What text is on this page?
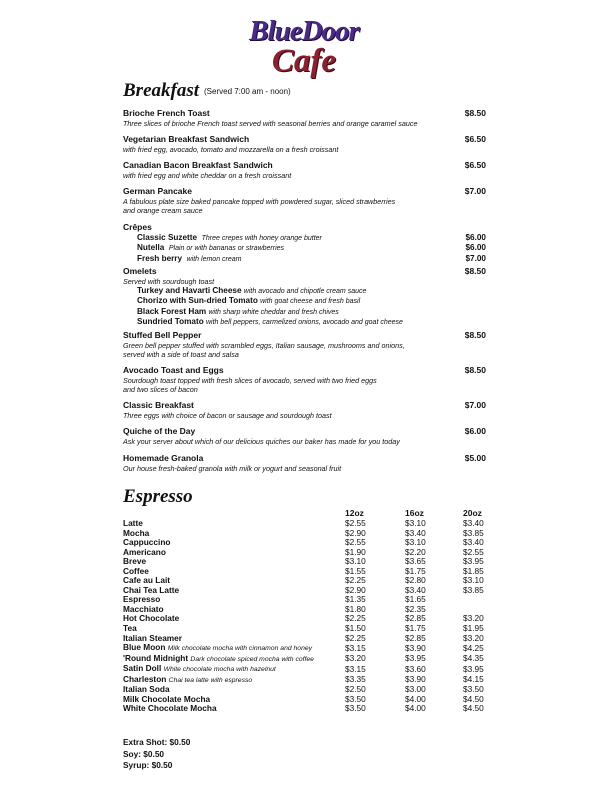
BlueDoor
Cafe
Breakfast (Served 7:00 am - noon)
Brioche French Toast
Three slices of brioche French toast served with seasonal berries and orange caramel sauce
$8.50
Vegetarian Breakfast Sandwich
with fried egg, avocado, tomato and mozzarella on a fresh croissant
$6.50
Canadian Bacon Breakfast Sandwich
with fried egg and white cheddar on a fresh croissant
$6.50
German Pancake
A fabulous plate size baked pancake topped with powdered sugar, sliced strawberries
and orange cream sauce
$7.00
Crêpes
Classic Suzette Three crepes with honey orange butter	$6.00
Nutella Plain or with bananas or strawberries	$6.00
Fresh berry with lemon cream	$7.00
Omelets
Served with sourdough toast
$8.50
Turkey and Havarti Cheese with avocado and chipotle cream sauce
Chorizo with Sun-dried Tomato with goat cheese and fresh basil
Black Forest Ham with sharp white cheddar and fresh chives
Sundried Tomato with bell peppers, carmelized onions, avocado and goat cheese
Stuffed Bell Pepper
Green bell pepper stuffed with scrambled eggs, Italian sausage, mushrooms and onions,
served with a side of toast and salsa
$8.50
Avocado Toast and Eggs
Sourdough toast topped with fresh slices of avocado, served with two fried eggs
and two slices of bacon
$8.50
Classic Breakfast
Three eggs with choice of bacon or sausage and sourdough toast
$7.00
Quiche of the Day
Ask your server about which of our delicious quiches our baker has made for you today
$6.00
Homemade Granola
Our house fresh-baked granola with milk or yogurt and seasonal fruit
$5.00
Espresso
12oz	16oz	20oz
Latte	$2.55	$3.10	$3.40
Mocha	$2.90	$3.40	$3.85
Cappuccino	$2.55	$3.10	$3.40
Americano	$1.90	$2.20	$2.55
Breve	$3.10	$3.65	$3.95
Coffee	$1.55	$1.75	$1.85
Cafe au Lait	$2.25	$2.80	$3.10
Chai Tea Latte	$2.90	$3.40	$3.85
Espresso	$1.35	$1.65	
Macchiato	$1.80	$2.35	
Hot Chocolate	$2.25	$2.85	$3.20
Tea	$1.50	$1.75	$1.95
Italian Steamer	$2.25	$2.85	$3.20
Blue Moon Milk chocolate mocha with cinnamon and honey	$3.15	$3.90	$4.25
'Round Midnight Dark chocolate spiced mocha with coffee	$3.20	$3.95	$4.35
Satin Doll White chocolate mocha with hazelnut	$3.15	$3.60	$3.95
Charleston Chai tea latte with espresso	$3.35	$3.90	$4.15
Italian Soda	$2.50	$3.00	$3.50
Milk Chocolate Mocha	$3.50	$4.00	$4.50
White Chocolate Mocha	$3.50	$4.00	$4.50
Extra Shot: $0.50
Soy: $0.50
Syrup: $0.50
